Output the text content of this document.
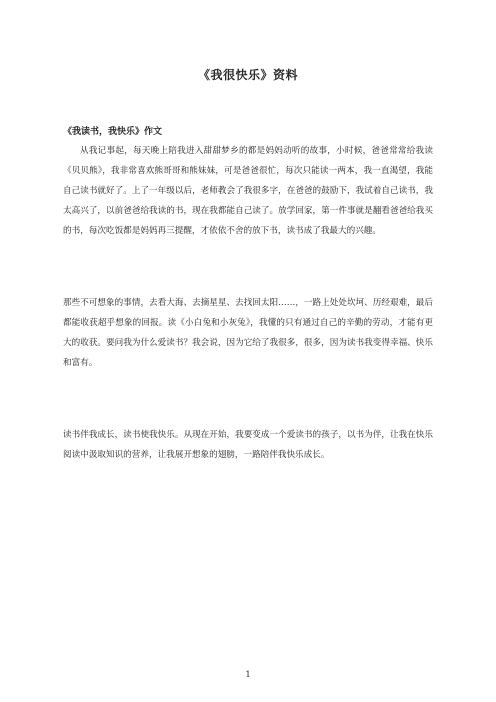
《我很快乐》资料
《我读书，我快乐》作文
从我记事起，每天晚上陪我进入甜甜梦乡的都是妈妈动听的故事，小时候，爸爸常常给我读《贝贝熊》，我非常喜欢熊哥哥和熊妹妹，可是爸爸很忙，每次只能读一两本，我一直渴望，我能自己读书就好了。上了一年级以后，老师教会了我很多字，在爸爸的鼓励下，我试着自己读书，我太高兴了，以前爸爸给我读的书，现在我都能自己读了。放学回家，第一件事就是翻看爸爸给我买的书，每次吃饭都是妈妈再三提醒，才依依不舍的放下书，读书成了我最大的兴趣。
那些不可想象的事情，去看大海、去摘星星、去找回太阳……，一路上处处坎坷、历经艰难，最后都能收获超乎想象的回报。读《小白兔和小灰兔》，我懂的只有通过自己的辛勤的劳动，才能有更大的收获。要问我为什么爱读书？我会说，因为它给了我很多，很多，因为读书我变得幸福、快乐和富有。
读书伴我成长，读书使我快乐。从现在开始，我要变成一个爱读书的孩子，以书为伴，让我在快乐阅读中汲取知识的营养，让我展开想象的翅膀，一路陪伴我快乐成长。
1
